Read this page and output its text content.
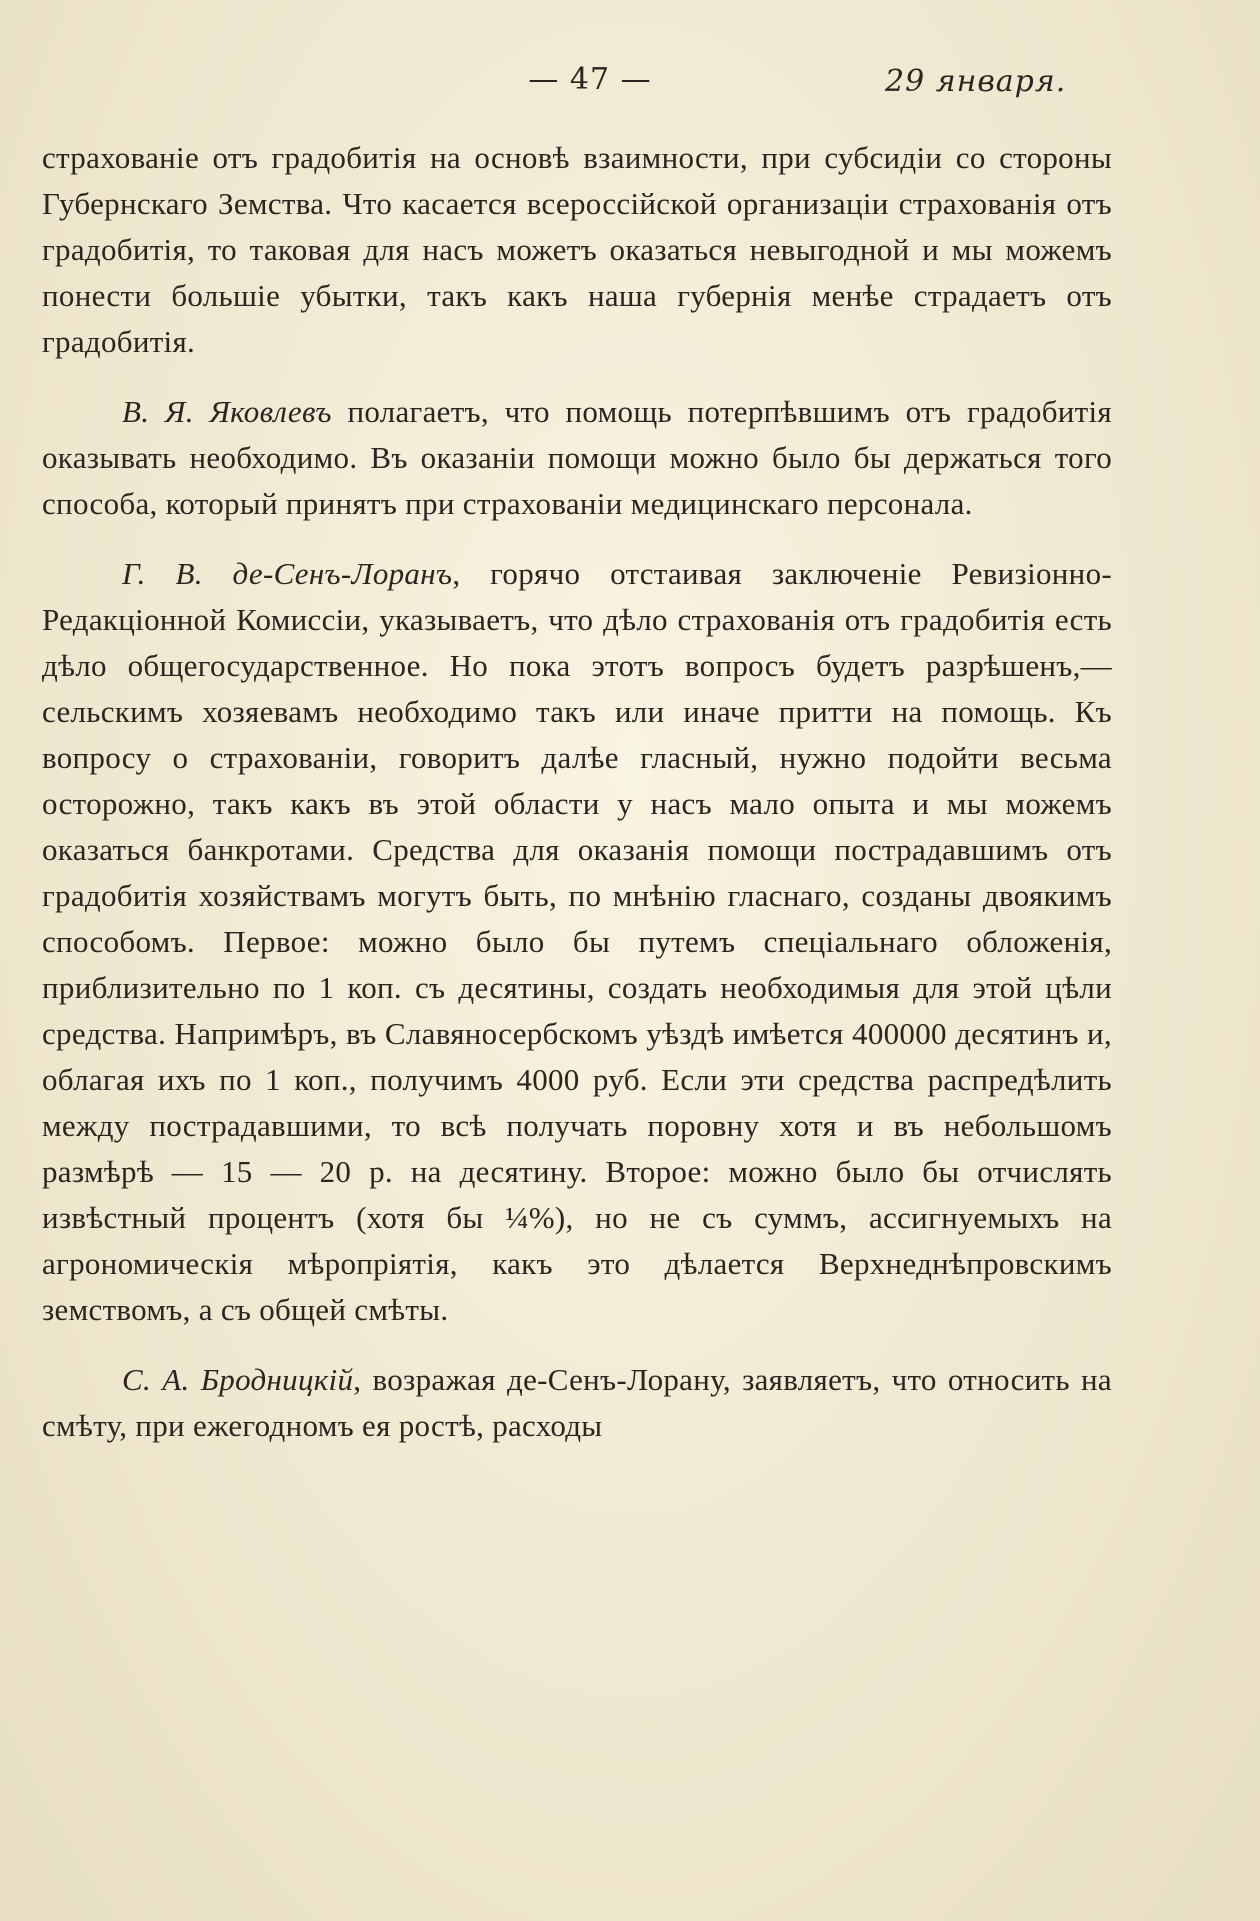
— 47 —	29 января.

страхованіе отъ градобитія на основѣ взаимности, при субсидіи со стороны Губернскаго Земства. Что касается всероссійской организаціи страхованія отъ градобитія, то таковая для насъ можетъ оказаться невыгодной и мы можемъ понести большіе убытки, такъ какъ наша губернія менѣе страдаетъ отъ градобитія.

В. Я. Яковлевъ полагаетъ, что помощь потерпѣвшимъ отъ градобитія оказывать необходимо. Въ оказаніи помощи можно было бы держаться того способа, который принятъ при страхованіи медицинскаго персонала.

Г. В. де-Сенъ-Лоранъ, горячо отстаивая заключеніе Ревизіонно-Редакціонной Комиссіи, указываетъ, что дѣло страхованія отъ градобитія есть дѣло общегосударственное. Но пока этотъ вопросъ будетъ разрѣшенъ,—сельскимъ хозяевамъ необходимо такъ или иначе притти на помощь. Къ вопросу о страхованіи, говоритъ далѣе гласный, нужно подойти весьма осторожно, такъ какъ въ этой области у насъ мало опыта и мы можемъ оказаться банкротами. Средства для оказанія помощи пострадавшимъ отъ градобитія хозяйствамъ могутъ быть, по мнѣнію гласнаго, созданы двоякимъ способомъ. Первое: можно было бы путемъ спеціальнаго обложенія, приблизительно по 1 коп. съ десятины, создать необходимыя для этой цѣли средства. Напримѣръ, въ Славяносербскомъ уѣздѣ имѣется 400000 десятинъ и, облагая ихъ по 1 коп., получимъ 4000 руб. Если эти средства распредѣлить между пострадавшими, то всѣ получать поровну хотя и въ небольшомъ размѣрѣ — 15 — 20 р. на десятину. Второе: можно было бы отчислять извѣстный процентъ (хотя бы ¼%), но не съ суммъ, ассигнуемыхъ на агрономическія мѣропріятія, какъ это дѣлается Верхнеднѣпровскимъ земствомъ, а съ общей смѣты.

С. А. Бродницкій, возражая де-Сенъ-Лорану, заявляетъ, что относить на смѣту, при ежегодномъ ея ростѣ, расходы
